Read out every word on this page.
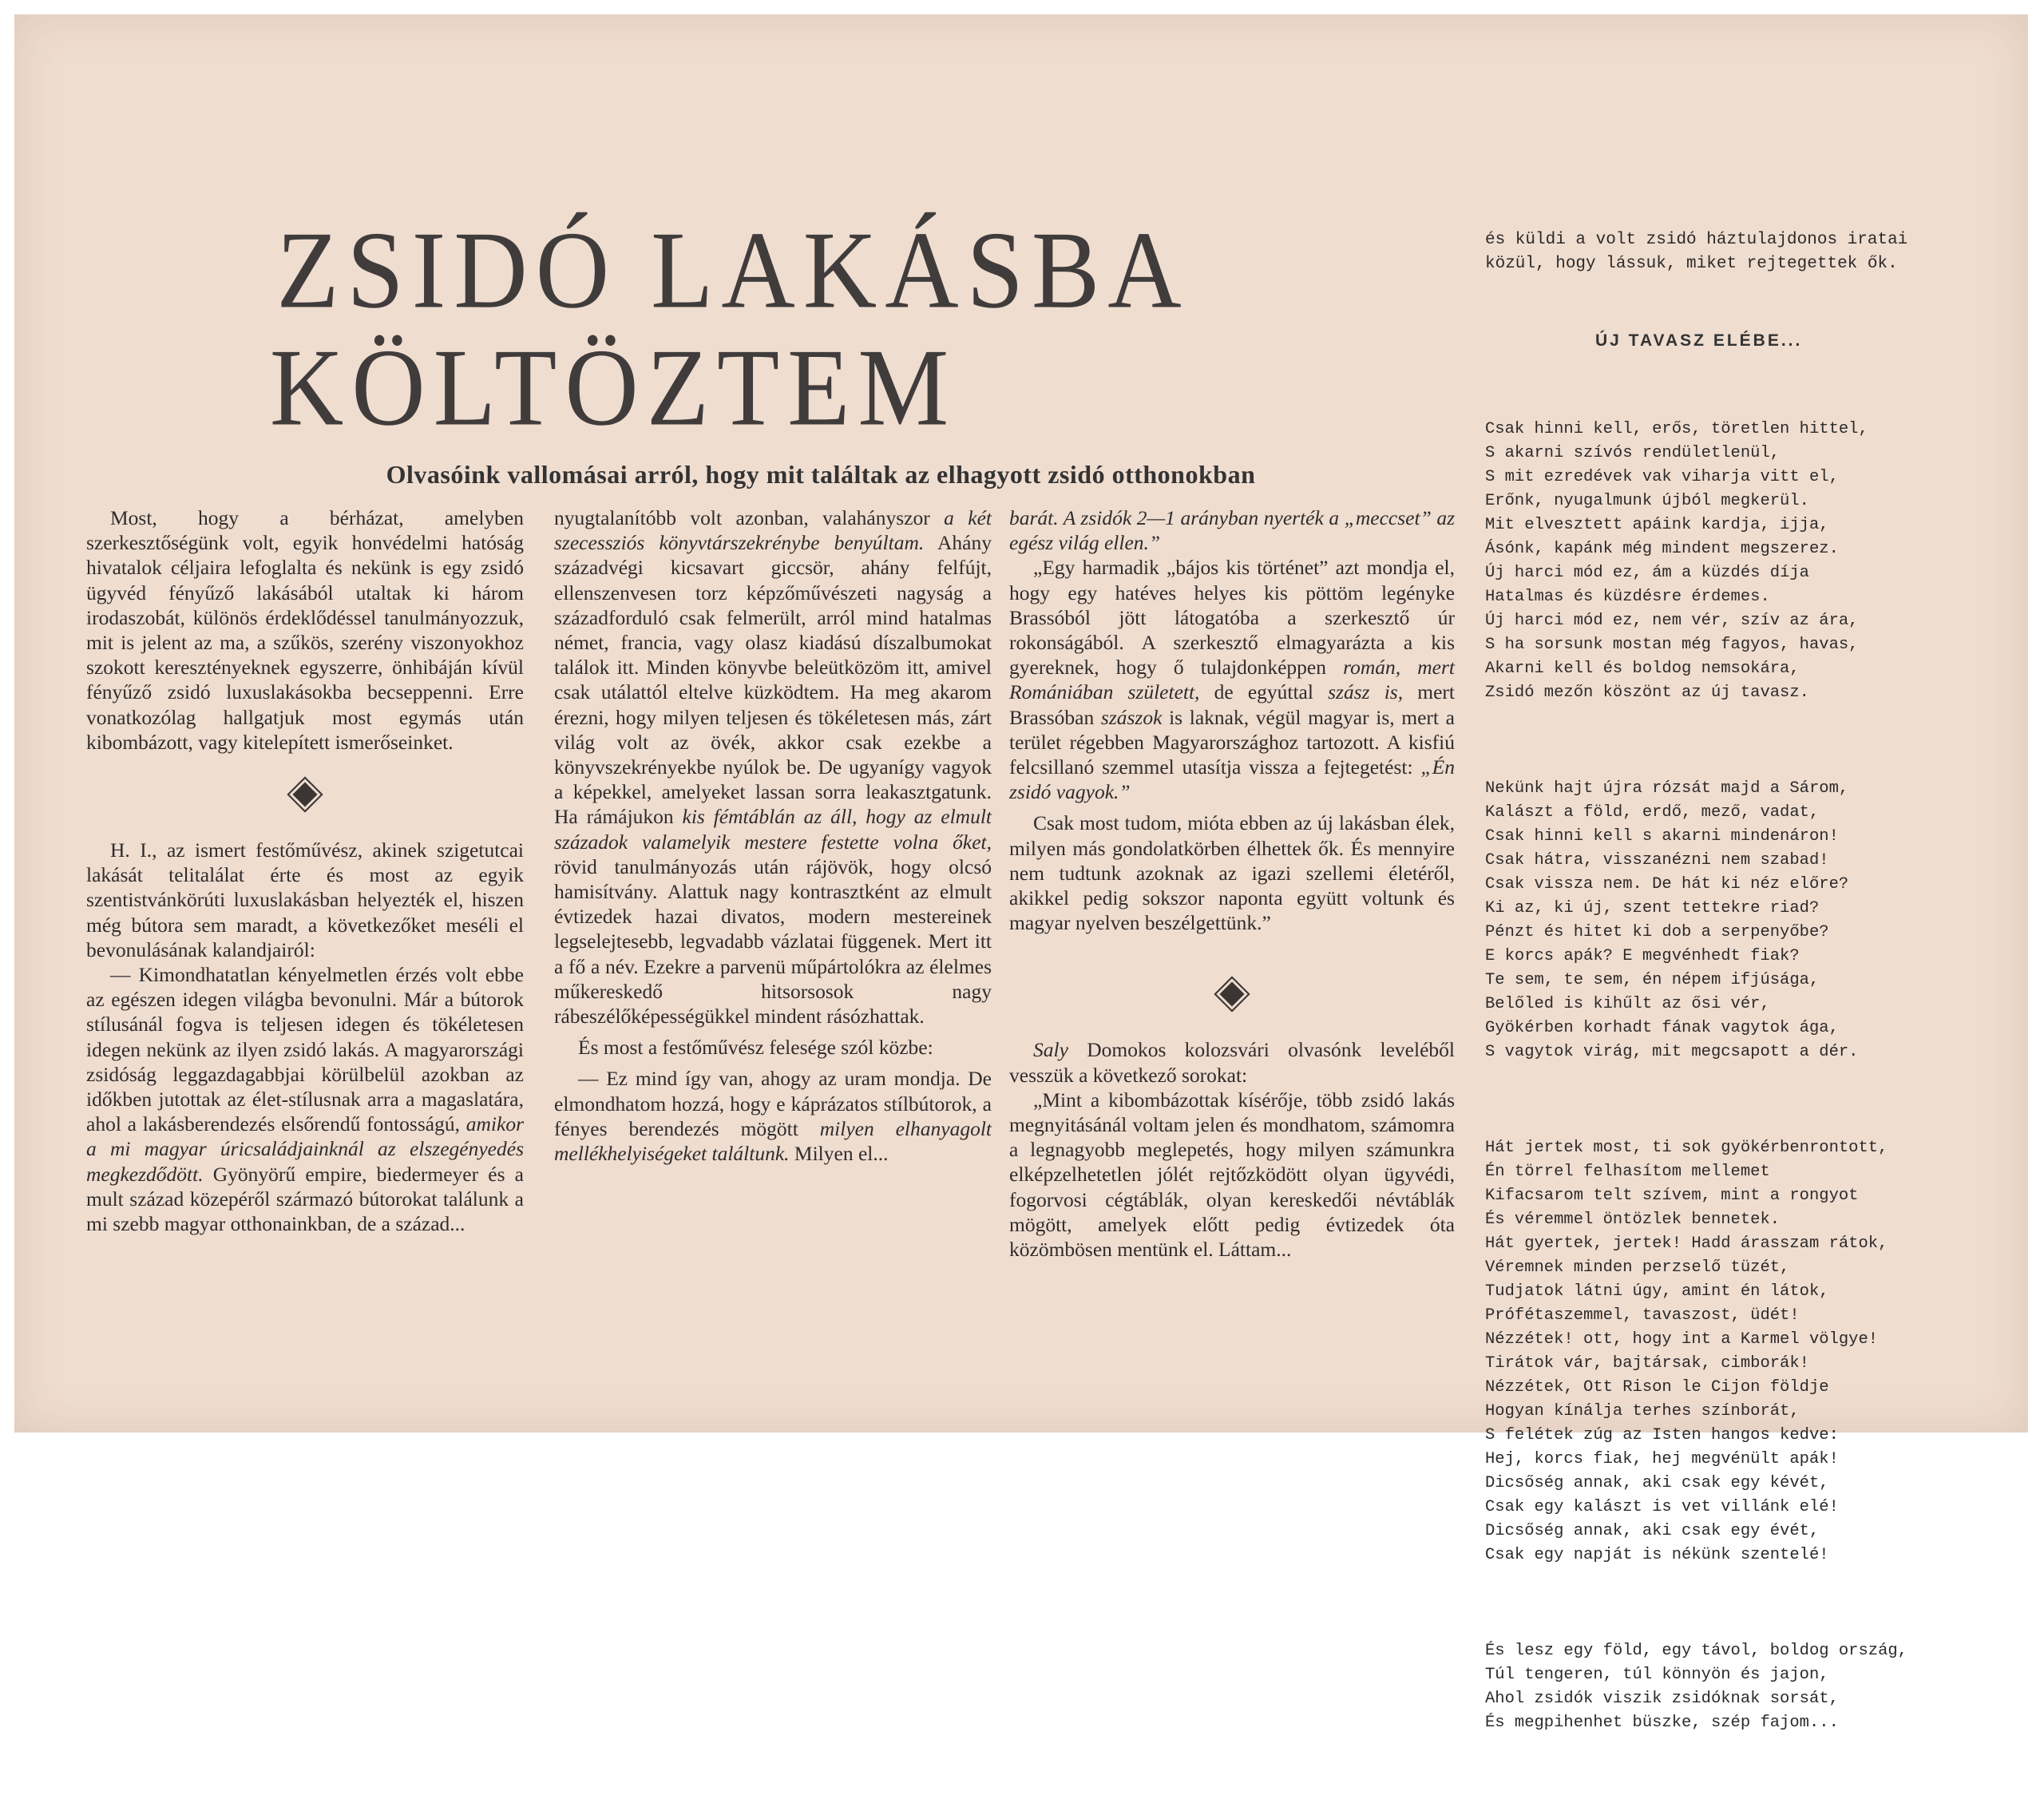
ZSIDÓ LAKÁSBA
KÖLTÖZTEM
Olvasóink vallomásai arról, hogy mit találtak az elhagyott zsidó otthonokban

Most, hogy a bérházat, amelyben szerkesztőségünk volt, egyik honvédelmi hatóság hivatalok céljaira lefoglalta és nekünk is egy zsidó ügyvéd fényűző lakásából utaltak ki három irodaszobát, különös érdeklődéssel tanulmányozzuk, mit is jelent az ma, a szűkös, szerény viszonyokhoz szokott keresztényeknek egyszerre, önhibáján kívül fényűző zsidó luxuslakásokba becseppenni. Erre vonatkozólag hallgatjuk most egymás után kibombázott, vagy kitelepített ismerőseinket.

H. I., az ismert festőművész, akinek szigetutcai lakását telitalálat érte és most az egyik szentistvánkörúti luxuslakásban helyezték el, hiszen még bútora sem maradt, a következőket meséli el bevonulásának kalandjairól:

— Kimondhatatlan kényelmetlen érzés volt ebbe az egészen idegen világba bevonulni. Már a bútorok stílusánál fogva is teljesen idegen és tökéletesen idegen nekünk az ilyen zsidó lakás. A magyarországi zsidóság leggazdagabbjai körülbelül azokban az időkben jutottak az élet-stílusnak arra a magaslatára, ahol a lakásberendezés elsőrendű fontosságú, amikor a mi magyar úricsaládjainknál az elszegényedés megkezdődött. Gyönyörű empire, biedermeyer és a mult század közepéről származó bútorokat találunk a mi szebb magyar otthonainkban, de a század...

nyugtalanítóbb volt azonban, valahányszor a két szecessziós könyvtárszekrénybe benyúltam. Ahány századvégi kicsavart giccsör, ahány felfújt, ellenszenvesen torz képzőművészeti nagyság a századforduló csak felmerült, arról mind hatalmas német, francia, vagy olasz kiadású díszalbumokat találok itt. Minden könyvbe beleütközöm itt, amivel csak utálattól eltelve küzködtem. Ha meg akarom érezni, hogy milyen teljesen és tökéletesen más, zárt világ volt az övék, akkor csak ezekbe a könyvszekrényekbe nyúlok be. De ugyanígy vagyok a képekkel, amelyeket lassan sorra leakasztgatunk. Ha rámájukon kis fémtáblán az áll, hogy az elmult századok valamelyik mestere festette volna őket, rövid tanulmányozás után rájövök, hogy olcsó hamisítvány. Alattuk nagy kontrasztként az elmult évtizedek hazai divatos, modern mestereinek legselejtesebb, legvadabb vázlatai függenek. Mert itt a fő a név. Ezekre a parvenü műpártolókra az élelmes műkereskedő hitsorsosok nagy rábeszélőképességükkel mindent rásózhattak.

És most a festőművész felesége szól közbe:

— Ez mind így van, ahogy az uram mondja. De elmondhatom hozzá, hogy e káprázatos stílbútorok, a fényes berendezés mögött milyen elhanyagolt mellékhelyiségeket találtunk. Milyen el...

barát. A zsidók 2—1 arányban nyerték a „meccset” az egész világ ellen.”

„Egy harmadik „bájos kis történet” azt mondja el, hogy egy hatéves helyes kis pöttöm legényke Brassóból jött látogatóba a szerkesztő úr rokonságából. A szerkesztő elmagyarázta a kis gyereknek, hogy ő tulajdonképpen román, mert Romániában született, de egyúttal szász is, mert Brassóban szászok is laknak, végül magyar is, mert a terület régebben Magyarországhoz tartozott. A kisfiú felcsillanó szemmel utasítja vissza a fejtegetést: „Én zsidó vagyok.”

Csak most tudom, mióta ebben az új lakásban élek, milyen más gondolatkörben élhettek ők. És mennyire nem tudtunk azoknak az igazi szellemi életéről, akikkel pedig sokszor naponta együtt voltunk és magyar nyelven beszélgettünk.”

Saly Domokos kolozsvári olvasónk leveléből vesszük a következő sorokat:

„Mint a kibombázottak kísérője, több zsidó lakás megnyitásánál voltam jelen és mondhatom, számomra a legnagyobb meglepetés, hogy milyen számunkra elképzelhetetlen jólét rejtőzködött olyan ügyvédi, fogorvosi cégtáblák, olyan kereskedői névtáblák mögött, amelyek előtt pedig évtizedek óta közömbösen mentünk el. Láttam...

és küldi a volt zsidó háztulajdonos iratai közül, hogy lássuk, miket rejtegettek ők.
ÚJ TAVASZ ELÉBE...

Csak hinni kell, erős, töretlen hittel,
S akarni szívós rendületlenül,
S mit ezredévek vak viharja vitt el,
Erőnk, nyugalmunk újból megkerül.
Mit elvesztett apáink kardja, ijja,
Ásónk, kapánk még mindent megszerez.
Új harci mód ez, ám a küzdés díja
Hatalmas és küzdésre érdemes.
Új harci mód ez, nem vér, szív az ára,
S ha sorsunk mostan még fagyos, havas,
Akarni kell és boldog nemsokára,
Zsidó mezőn köszönt az új tavasz.

Nekünk hajt újra rózsát majd a Sárom,
Kalászt a föld, erdő, mező, vadat,
Csak hinni kell s akarni mindenáron!
Csak hátra, visszanézni nem szabad!
Csak vissza nem. De hát ki néz előre?
Ki az, ki új, szent tettekre riad?
Pénzt és hitet ki dob a serpenyőbe?
E korcs apák? E megvénhedt fiak?
Te sem, te sem, én népem ifjúsága,
Belőled is kihűlt az ősi vér,
Gyökérben korhadt fának vagytok ága,
S vagytok virág, mit megcsapott a dér.

Hát jertek most, ti sok gyökérbenrontott,
Én törrel felhasítom mellemet
Kifacsarom telt szívem, mint a rongyot
És véremmel öntözlek bennetek.
Hát gyertek, jertek! Hadd árasszam rátok,
Véremnek minden perzselő tüzét,
Tudjatok látni úgy, amint én látok,
Prófétaszemmel, tavaszost, üdét!
Nézzétek! ott, hogy int a Karmel völgye!
Tirátok vár, bajtársak, cimborák!
Nézzétek, Ott Rison le Cijon földje
Hogyan kínálja terhes színborát,
S felétek zúg az Isten hangos kedve:
Hej, korcs fiak, hej megvénült apák!
Dicsőség annak, aki csak egy kévét,
Csak egy kalászt is vet villánk elé!
Dicsőség annak, aki csak egy évét,
Csak egy napját is nékünk szentelé!

És lesz egy föld, egy távol, boldog ország,
Túl tengeren, túl könnyön és jajon,
Ahol zsidók viszik zsidóknak sorsát,
És megpihenhet büszke, szép fajom...
